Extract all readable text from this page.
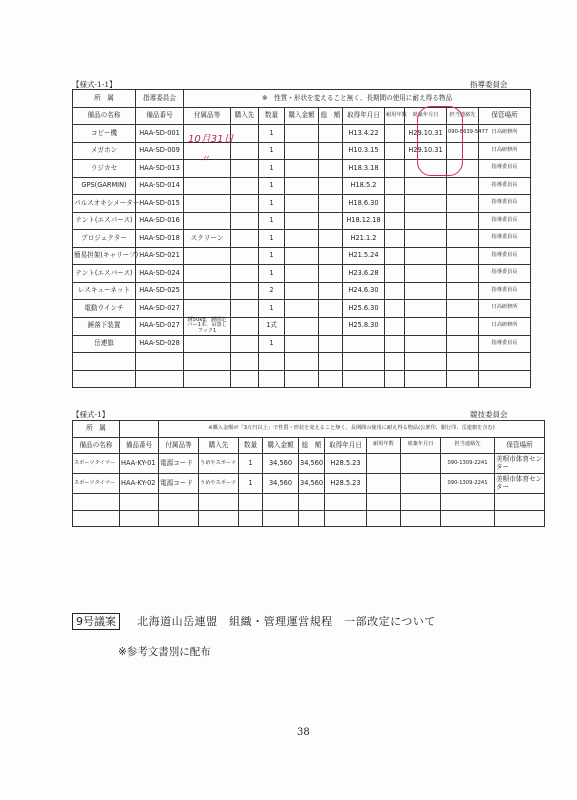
【様式-1-1】	指導委員会
所　属	指導委員会	※　性質・形状を変えること無く、長期間の使用に耐え得る物品									
備品の名称	備品番号	付属品等	購入先	数量	購入金額	総　額	取得年月日	耐用年数	廃棄年月日	担当連絡先	保管場所
コピー機	HAA-SD-001			1			H13.4.22		H29.10.31	090-8639-5477	日高研修所
メガホン	HAA-SD-009			1			H10.3.15		H29.10.31		日高研修所
ラジカセ	HAA-SD-013			1			H18.3.18				指導委員長
GPS(GARMIN)	HAA-SD-014			1			H18.5.2				指導委員長
パルスオキシメーター	HAA-SD-015			1			H18.6.30				指導委員長
テント(エスパース)	HAA-SD-016			1			H18.12.18				指導委員長
プロジェクター	HAA-SD-018	スクリーン		1			H21.1.2				指導委員長
簡易担架(キャリーフ)	HAA-SD-021			1			H21.5.24				指導委員長
テント(エスパース)	HAA-SD-024			1			H23.6.28				指導委員長
レスキューネット	HAA-SD-025			2			H24.6.30				指導委員長
電動ウインチ	HAA-SD-027			1			H25.6.30				日高研修所
錘落下装置	HAA-SD-027	錘50kg、錘固定バー1本、吊落しフック1		1式			H25.8.30				日高研修所
岳連旗	HAA-SD-028			1							指導委員長

10月31日
〃
【様式-1】	競技委員会
所　属		※購入金額が「3万円以上」で性質・形状を変えること無く、長期間の使用に耐え得る物品(公衆印、銀行印、岳連旗を含む)									
備品の名称	備品番号	付属品等	購入先	数量	購入金額	総　額	取得年月日	耐用年数	廃棄年月日	担当連絡先	保管場所
スポーツタイマー	HAA-KY-01	電源コード	うめやスポーツ	1	34,560	34,560	H28.5.23			090-1309-2241	美唄市体育センター
スポーツタイマー	HAA-KY-02	電源コード	うめやスポーツ	1	34,560	34,560	H28.5.23			090-1309-2241	美唄市体育センター

9号議案 北海道山岳連盟　組織・管理運営規程　一部改定について
※参考文書別に配布
38
